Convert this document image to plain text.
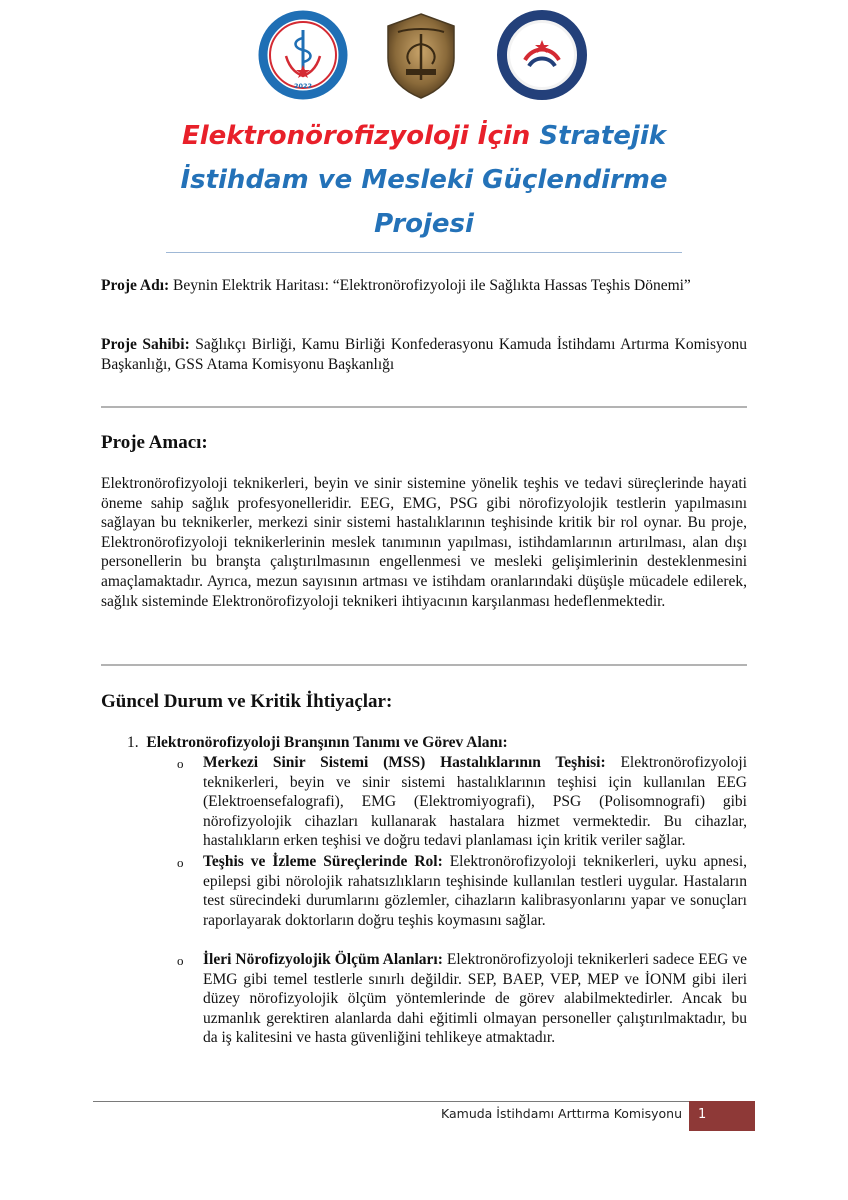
2022
Elektronörofizyoloji İçin Stratejik
İstihdam ve Mesleki Güçlendirme
Projesi
Proje Adı: Beynin Elektrik Haritası: “Elektronörofizyoloji ile Sağlıkta Hassas Teşhis Dönemi”
Proje Sahibi: Sağlıkçı Birliği, Kamu Birliği Konfederasyonu Kamuda İstihdamı Artırma Komisyonu Başkanlığı, GSS Atama Komisyonu Başkanlığı
Proje Amacı:
Elektronörofizyoloji teknikerleri, beyin ve sinir sistemine yönelik teşhis ve tedavi süreçlerinde hayati öneme sahip sağlık profesyonelleridir. EEG, EMG, PSG gibi nörofizyolojik testlerin yapılmasını sağlayan bu teknikerler, merkezi sinir sistemi hastalıklarının teşhisinde kritik bir rol oynar. Bu proje, Elektronörofizyoloji teknikerlerinin meslek tanımının yapılması, istihdamlarının artırılması, alan dışı personellerin bu branşta çalıştırılmasının engellenmesi ve mesleki gelişimlerinin desteklenmesini amaçlamaktadır. Ayrıca, mezun sayısının artması ve istihdam oranlarındaki düşüşle mücadele edilerek, sağlık sisteminde Elektronörofizyoloji teknikeri ihtiyacının karşılanması hedeflenmektedir.
Güncel Durum ve Kritik İhtiyaçlar:
1. Elektronörofizyoloji Branşının Tanımı ve Görev Alanı:
o Merkezi Sinir Sistemi (MSS) Hastalıklarının Teşhisi: Elektronörofizyoloji teknikerleri, beyin ve sinir sistemi hastalıklarının teşhisi için kullanılan EEG (Elektroensefalografi), EMG (Elektromiyografi), PSG (Polisomnografi) gibi nörofizyolojik cihazları kullanarak hastalara hizmet vermektedir. Bu cihazlar, hastalıkların erken teşhisi ve doğru tedavi planlaması için kritik veriler sağlar.
o Teşhis ve İzleme Süreçlerinde Rol: Elektronörofizyoloji teknikerleri, uyku apnesi, epilepsi gibi nörolojik rahatsızlıkların teşhisinde kullanılan testleri uygular. Hastaların test sürecindeki durumlarını gözlemler, cihazların kalibrasyonlarını yapar ve sonuçları raporlayarak doktorların doğru teşhis koymasını sağlar.
o İleri Nörofizyolojik Ölçüm Alanları: Elektronörofizyoloji teknikerleri sadece EEG ve EMG gibi temel testlerle sınırlı değildir. SEP, BAEP, VEP, MEP ve İONM gibi ileri düzey nörofizyolojik ölçüm yöntemlerinde de görev alabilmektedirler. Ancak bu uzmanlık gerektiren alanlarda dahi eğitimli olmayan personeller çalıştırılmaktadır, bu da iş kalitesini ve hasta güvenliğini tehlikeye atmaktadır.
Kamuda İstihdamı Arttırma Komisyonu 1
